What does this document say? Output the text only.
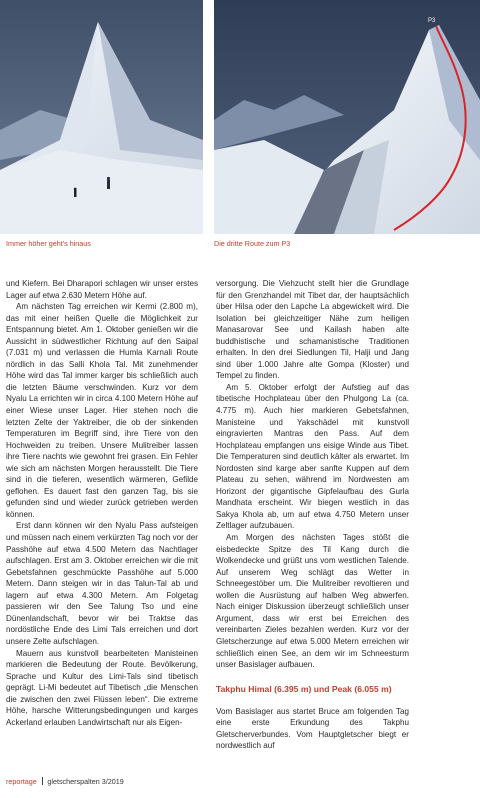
Immer höher geht's hinaus
P3
Die dritte Route zum P3

und Kiefern. Bei Dharapori schlagen wir unser erstes Lager auf etwa 2.630 Metern Höhe auf.

Am nächsten Tag erreichen wir Kermi (2.800 m), das mit einer heißen Quelle die Möglichkeit zur Entspannung bietet. Am 1. Oktober genießen wir die Aussicht in südwestlicher Richtung auf den Saipal (7.031 m) und verlassen die Humla Karnali Route nördlich in das Salli Khola Tal. Mit zunehmender Höhe wird das Tal immer karger bis schließlich auch die letzten Bäume verschwinden. Kurz vor dem Nyalu La errichten wir in circa 4.100 Metern Höhe auf einer Wiese unser Lager. Hier stehen noch die letzten Zelte der Yaktreiber, die ob der sinkenden Temperaturen im Begriff sind, ihre Tiere von den Hochweiden zu treiben. Unsere Mulitreiber lassen ihre Tiere nachts wie gewohnt frei grasen. Ein Fehler wie sich am nächsten Morgen herausstellt. Die Tiere sind in die tieferen, wesentlich wärmeren, Gefilde geflohen. Es dauert fast den ganzen Tag, bis sie gefunden sind und wieder zurück getrieben werden können.

Erst dann können wir den Nyalu Pass aufsteigen und müssen nach einem verkürzten Tag noch vor der Passhöhe auf etwa 4.500 Metern das Nachtlager aufschlagen. Erst am 3. Oktober erreichen wir die mit Gebetsfahnen geschmückte Passhöhe auf 5.000 Metern. Dann steigen wir in das Talun-Tal ab und lagern auf etwa 4.300 Metern. Am Folgetag passieren wir den See Talung Tso und eine Dünenlandschaft, bevor wir bei Traktse das nordöstliche Ende des Limi Tals erreichen und dort unsere Zelte aufschlagen.

Mauern aus kunstvoll bearbeiteten Manisteinen markieren die Bedeutung der Route. Bevölkerung, Sprache und Kultur des Limi-Tals sind tibetisch geprägt. Li-Mi bedeutet auf Tibetisch „die Menschen die zwischen den zwei Flüssen leben“. Die extreme Höhe, harsche Witterungsbedingungen und karges Ackerland erlauben Landwirtschaft nur als Eigen-

versorgung. Die Viehzucht stellt hier die Grundlage für den Grenzhandel mit Tibet dar, der hauptsächlich über Hilsa oder den Lapche La abgewickelt wird. Die Isolation bei gleichzeitiger Nähe zum heiligen Manasarovar See und Kailash haben alte buddhistische und schamanistische Traditionen erhalten. In den drei Siedlungen Til, Halji und Jang sind über 1.000 Jahre alte Gompa (Kloster) und Tempel zu finden.

Am 5. Oktober erfolgt der Aufstieg auf das tibetische Hochplateau über den Phulgong La (ca. 4.775 m). Auch hier markieren Gebetsfahnen, Manisteine und Yakschädel mit kunstvoll eingravierten Mantras den Pass. Auf dem Hochplateau empfangen uns eisige Winde aus Tibet. Die Temperaturen sind deutlich kälter als erwartet. Im Nordosten sind karge aber sanfte Kuppen auf dem Plateau zu sehen, während im Nordwesten am Horizont der gigantische Gipfelaufbau des Gurla Mandhata erscheint. Wir biegen westlich in das Sakya Khola ab, um auf etwa 4.750 Metern unser Zeltlager aufzubauen.

Am Morgen des nächsten Tages stößt die eisbedeckte Spitze des Til Kang durch die Wolkendecke und grüßt uns vom westlichen Talende. Auf unserem Weg schlägt das Wetter in Schneegestöber um. Die Mulitreiber revoltieren und wollen die Ausrüstung auf halben Weg abwerfen. Nach einiger Diskussion überzeugt schließlich unser Argument, dass wir erst bei Erreichen des vereinbarten Zieles bezahlen werden. Kurz vor der Gletscherzunge auf etwa 5.000 Metern erreichen wir schließlich einen See, an dem wir im Schneesturm unser Basislager aufbauen.

Takphu Himal (6.395 m) und Peak (6.055 m)

Vom Basislager aus startet Bruce am folgenden Tag eine erste Erkundung des Takphu Gletscherverbundes. Vom Hauptgletscher biegt er nordwestlich auf

reportage gletscherspalten 3/2019
